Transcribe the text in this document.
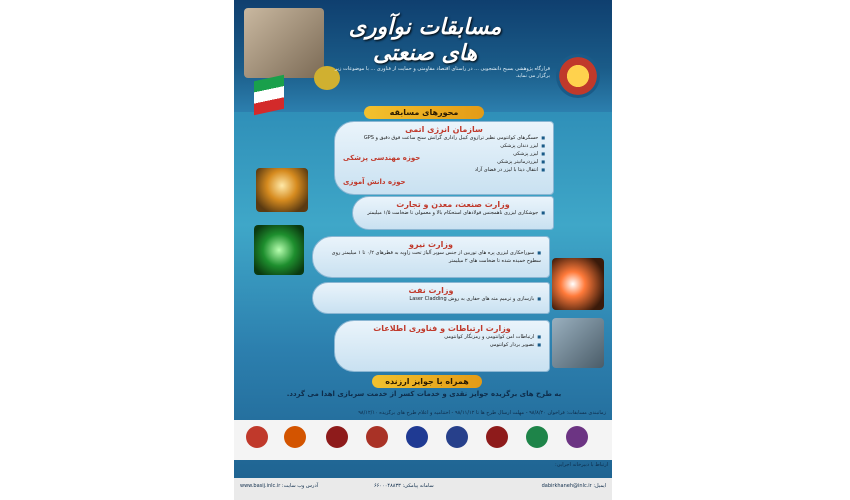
مسابقات نوآوری های صنعتی
قرارگاه پژوهشی بسیج دانشجویی ... در راستای اقتصاد مقاومتی و حمایت از فناوری ... با موضوعات زیر برگزار می نماید.
محورهای مسابقه
سازمان انرژی اتمی
■ حسگرهای کوانتومی نظیر ترازوی کیبل راداری گرانش سنج ساعت فوق دقیق و GPS
■ لیزر دندان پزشکی
■ لیزر پزشکی
■ لیزردرمانیتر پزشکی
■ انتقال دیتا با لیزر در فضای آزاد
حوزه مهندسی پزشکی
حوزه دانش آموزی
وزارت صنعت، معدن و تجارت
■ جوشکاری لیزری ناهمجنس فولادهای استحکام بالا و معمولی تا ضخامت ۱/۵ میلیمتر
وزارت نیرو
■ سوراخکاری لیزری پره های توربین از جنس سوپر آلیاژ تحت زاویه به قطرهای ۰/۲ تا ۱ میلیمتر روی سطوح خمیده شده تا ضخامت های ۲ میلیمتر
وزارت نفت
■ بازسازی و ترمیم مته های حفاری به روش Laser Cladding
وزارت ارتباطات و فناوری اطلاعات
■ ارتباطات امن کوانتومی و رمزنگار کوانتومی
■ تصویر بردار کوانتومی
همراه با جوایز ارزنده
به طرح های برگزیده جوایز نقدی و خدمات کسر از خدمت سربازی اهدا می گردد.
زمانبندی مسابقات: فراخوان ۹۸/۸/۲۰ - مهلت ارسال طرح ها تا ۹۸/۱۱/۱۲ - اختتامیه و اعلام طرح های برگزیده ۹۸/۱۲/۱۰
ارتباط با دبیرخانه اجرایی:
ایمیل: dabirkhaneh@inlc.ir
سامانه پیامکی: ۶۶۰۰۰۴۸۸۳۳
آدرس وب سایت: www.basij.inlc.ir
